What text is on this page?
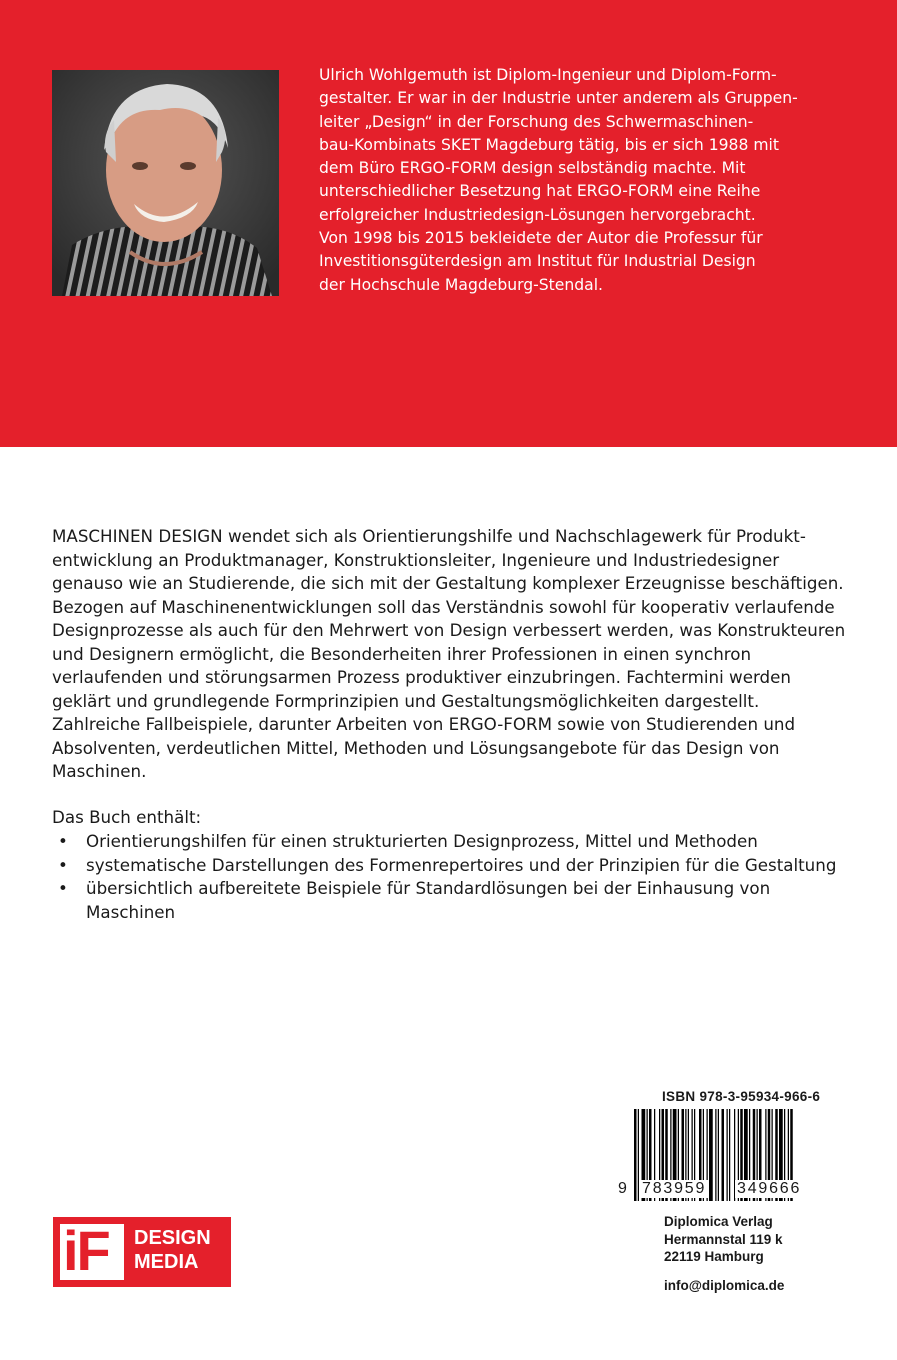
Ulrich Wohlgemuth ist Diplom-Ingenieur und Diplom-Form-
gestalter. Er war in der Industrie unter anderem als Gruppen-
leiter „Design“ in der Forschung des Schwermaschinen-
bau-Kombinats SKET Magdeburg tätig, bis er sich 1988 mit
dem Büro ERGO-FORM design selbständig machte. Mit
unterschiedlicher Besetzung hat ERGO-FORM eine Reihe
erfolgreicher Industriedesign-Lösungen hervorgebracht.
Von 1998 bis 2015 bekleidete der Autor die Professur für
Investitionsgüterdesign am Institut für Industrial Design
der Hochschule Magdeburg-Stendal.

MASCHINEN DESIGN wendet sich als Orientierungshilfe und Nachschlagewerk für Produkt-
entwicklung an Produktmanager, Konstruktionsleiter, Ingenieure und Industriedesigner
genauso wie an Studierende, die sich mit der Gestaltung komplexer Erzeugnisse beschäftigen.
Bezogen auf Maschinenentwicklungen soll das Verständnis sowohl für kooperativ verlaufende
Designprozesse als auch für den Mehrwert von Design verbessert werden, was Konstrukteuren
und Designern ermöglicht, die Besonderheiten ihrer Professionen in einen synchron
verlaufenden und störungsarmen Prozess produktiver einzubringen. Fachtermini werden
geklärt und grundlegende Formprinzipien und Gestaltungsmöglichkeiten dargestellt.
Zahlreiche Fallbeispiele, darunter Arbeiten von ERGO-FORM sowie von Studierenden und
Absolventen, verdeutlichen Mittel, Methoden und Lösungsangebote für das Design von
Maschinen.

Das Buch enthält:

• Orientierungshilfen für einen strukturierten Designprozess, Mittel und Methoden
• systematische Darstellungen des Formenrepertoires und der Prinzipien für die Gestaltung
• übersichtlich aufbereitete Beispiele für Standardlösungen bei der Einhausung von
Maschinen
ISBN 978-3-95934-966-6
9 783959 349666

Diplomica Verlag
Hermannstal 119 k
22119 Hamburg

info@diplomica.de
iF DESIGN
MEDIA
